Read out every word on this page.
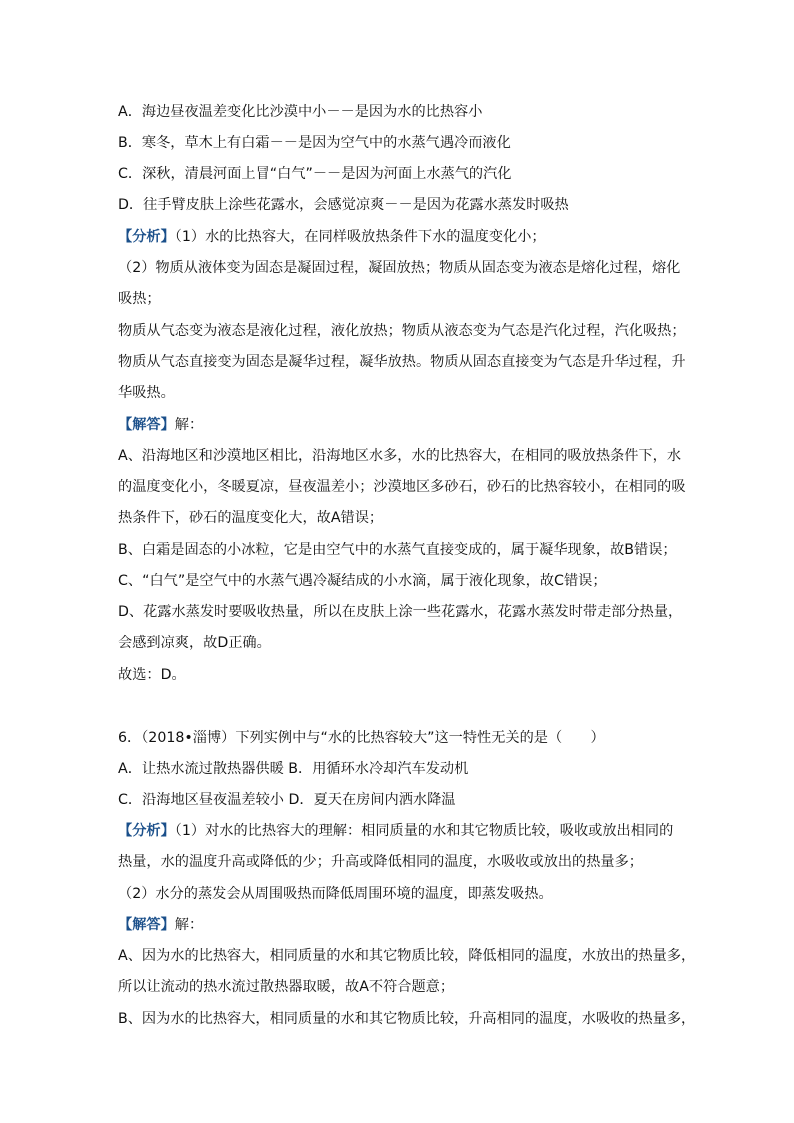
A．海边昼夜温差变化比沙漠中小－－是因为水的比热容小
B．寒冬，草木上有白霜－－是因为空气中的水蒸气遇冷而液化
C．深秋，清晨河面上冒“白气”－－是因为河面上水蒸气的汽化
D．往手臂皮肤上涂些花露水，会感觉凉爽－－是因为花露水蒸发时吸热
【分析】（1）水的比热容大，在同样吸放热条件下水的温度变化小；
（2）物质从液体变为固态是凝固过程，凝固放热；物质从固态变为液态是熔化过程，熔化
吸热；
物质从气态变为液态是液化过程，液化放热；物质从液态变为气态是汽化过程，汽化吸热；
物质从气态直接变为固态是凝华过程，凝华放热。物质从固态直接变为气态是升华过程，升
华吸热。
【解答】解：
A、沿海地区和沙漠地区相比，沿海地区水多，水的比热容大，在相同的吸放热条件下，水
的温度变化小，冬暖夏凉，昼夜温差小；沙漠地区多砂石，砂石的比热容较小，在相同的吸
热条件下，砂石的温度变化大，故A错误；
B、白霜是固态的小冰粒，它是由空气中的水蒸气直接变成的，属于凝华现象，故B错误；
C、“白气”是空气中的水蒸气遇冷凝结成的小水滴，属于液化现象，故C错误；
D、花露水蒸发时要吸收热量，所以在皮肤上涂一些花露水，花露水蒸发时带走部分热量，
会感到凉爽，故D正确。
故选：D。
6．（2018•淄博）下列实例中与“水的比热容较大”这一特性无关的是（　　）
A．让热水流过散热器供暖 B．用循环水冷却汽车发动机
C．沿海地区昼夜温差较小 D．夏天在房间内洒水降温
【分析】（1）对水的比热容大的理解：相同质量的水和其它物质比较，吸收或放出相同的
热量，水的温度升高或降低的少；升高或降低相同的温度，水吸收或放出的热量多；
（2）水分的蒸发会从周围吸热而降低周围环境的温度，即蒸发吸热。
【解答】解：
A、因为水的比热容大，相同质量的水和其它物质比较，降低相同的温度，水放出的热量多，
所以让流动的热水流过散热器取暖，故A不符合题意；
B、因为水的比热容大，相同质量的水和其它物质比较，升高相同的温度，水吸收的热量多，
